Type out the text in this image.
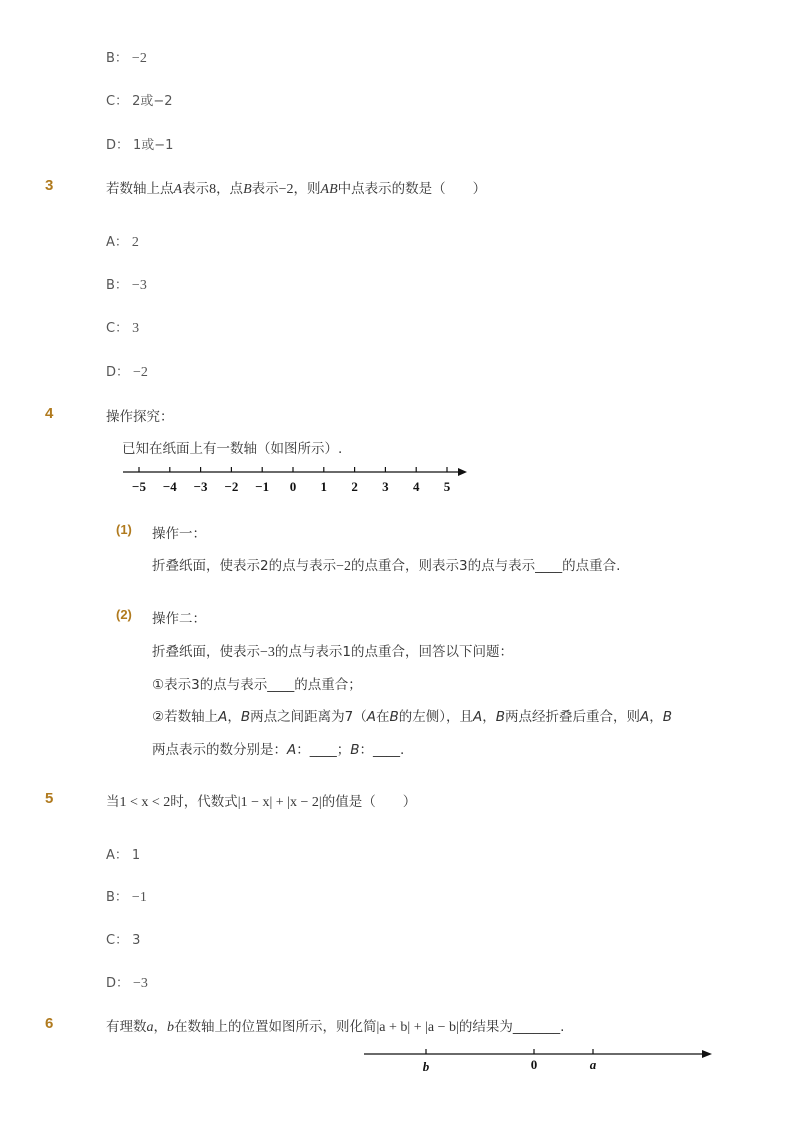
B： −2
C： 2或−2
D： 1或−1
3	若数轴上点A表示8，点B表示−2，则AB中点表示的数是（　　）
A： 2
B： −3
C： 3
D： −2
4	操作探究：
已知在纸面上有一数轴（如图所示）.
−5 −4 −3 −2 −1 0 1 2 3 4 5
(1) 操作一：
折叠纸面，使表示2的点与表示−2的点重合，则表示3的点与表示____的点重合.
(2) 操作二：
折叠纸面，使表示−3的点与表示1的点重合，回答以下问题：
①表示3的点与表示____的点重合；
②若数轴上A，B两点之间距离为7（A在B的左侧），且A，B两点经折叠后重合，则A，B
两点表示的数分别是：A：____；B：____.
5	当1 < x < 2时，代数式|1 − x| + |x − 2|的值是（　　）
A： 1
B： −1
C： 3
D： −3
6	有理数a，b在数轴上的位置如图所示，则化简|a + b| + |a − b|的结果为_______.
b	0	a
